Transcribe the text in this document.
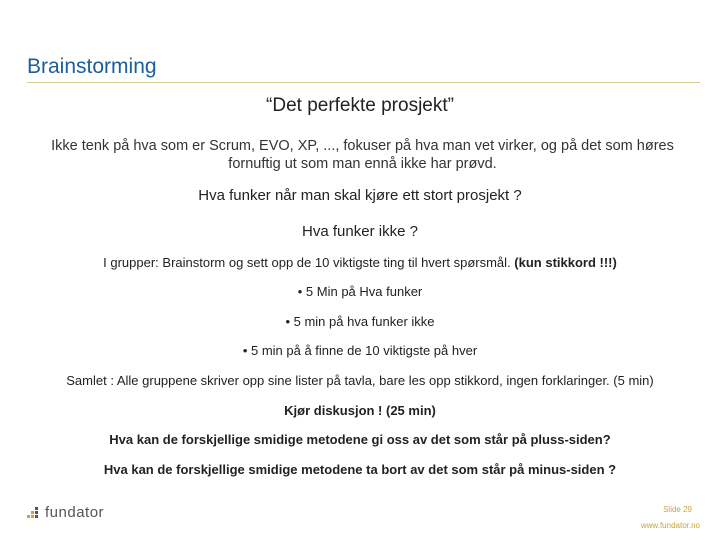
Brainstorming
“Det perfekte prosjekt”
Ikke tenk på hva som er Scrum, EVO, XP, ..., fokuser på hva man vet virker, og på det som høres fornuftig ut som man ennå ikke har prøvd.
Hva funker når man skal kjøre ett stort prosjekt ?
Hva funker ikke ?
I grupper: Brainstorm og sett opp de 10 viktigste ting til hvert spørsmål. (kun stikkord !!!)
• 5 Min på Hva funker
• 5 min på hva funker ikke
• 5 min på å finne de 10 viktigste på hver
Samlet : Alle gruppene skriver opp sine lister på tavla, bare les opp stikkord, ingen forklaringer. (5 min)
Kjør diskusjon ! (25 min)
Hva kan de forskjellige smidige metodene gi oss av det som står på pluss-siden?
Hva kan de forskjellige smidige metodene ta bort av det som står på minus-siden ?
fundator	Slide 29
www.fundator.no
